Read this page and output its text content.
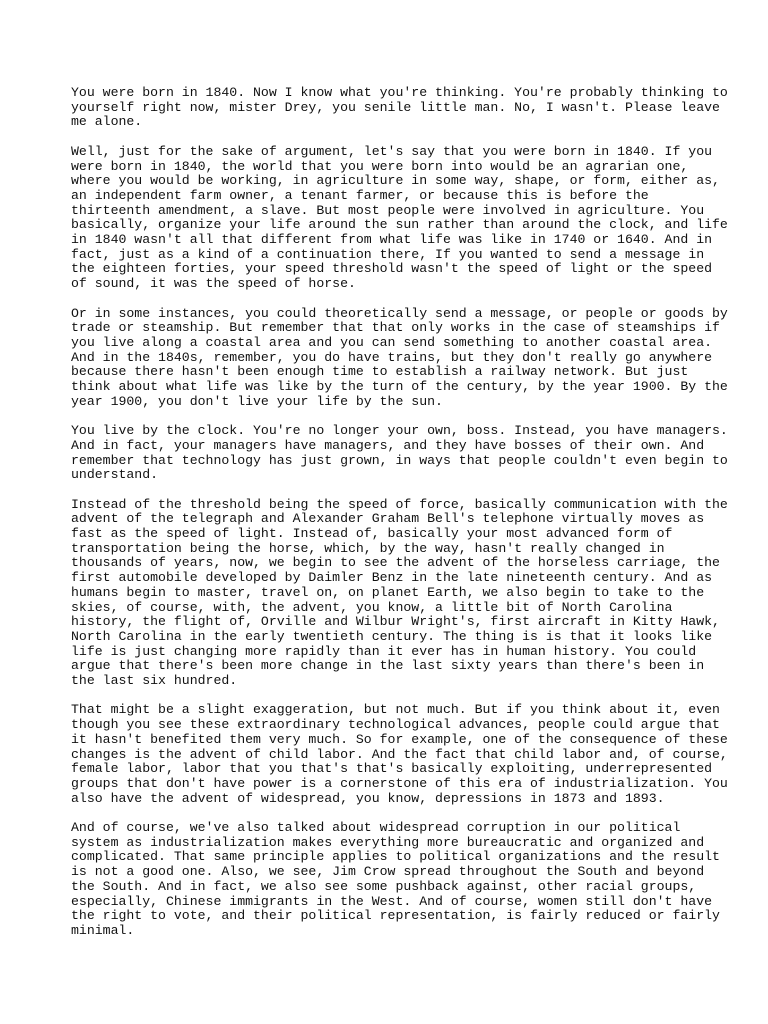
You were born in 1840. Now I know what you're thinking. You're probably thinking to
yourself right now, mister Drey, you senile little man. No, I wasn't. Please leave
me alone.

Well, just for the sake of argument, let's say that you were born in 1840. If you
were born in 1840, the world that you were born into would be an agrarian one,
where you would be working, in agriculture in some way, shape, or form, either as,
an independent farm owner, a tenant farmer, or because this is before the
thirteenth amendment, a slave. But most people were involved in agriculture. You
basically, organize your life around the sun rather than around the clock, and life
in 1840 wasn't all that different from what life was like in 1740 or 1640. And in
fact, just as a kind of a continuation there, If you wanted to send a message in
the eighteen forties, your speed threshold wasn't the speed of light or the speed
of sound, it was the speed of horse.

Or in some instances, you could theoretically send a message, or people or goods by
trade or steamship. But remember that that only works in the case of steamships if
you live along a coastal area and you can send something to another coastal area.
And in the 1840s, remember, you do have trains, but they don't really go anywhere
because there hasn't been enough time to establish a railway network. But just
think about what life was like by the turn of the century, by the year 1900. By the
year 1900, you don't live your life by the sun.

You live by the clock. You're no longer your own, boss. Instead, you have managers.
And in fact, your managers have managers, and they have bosses of their own. And
remember that technology has just grown, in ways that people couldn't even begin to
understand.

Instead of the threshold being the speed of force, basically communication with the
advent of the telegraph and Alexander Graham Bell's telephone virtually moves as
fast as the speed of light. Instead of, basically your most advanced form of
transportation being the horse, which, by the way, hasn't really changed in
thousands of years, now, we begin to see the advent of the horseless carriage, the
first automobile developed by Daimler Benz in the late nineteenth century. And as
humans begin to master, travel on, on planet Earth, we also begin to take to the
skies, of course, with, the advent, you know, a little bit of North Carolina
history, the flight of, Orville and Wilbur Wright's, first aircraft in Kitty Hawk,
North Carolina in the early twentieth century. The thing is is that it looks like
life is just changing more rapidly than it ever has in human history. You could
argue that there's been more change in the last sixty years than there's been in
the last six hundred.

That might be a slight exaggeration, but not much. But if you think about it, even
though you see these extraordinary technological advances, people could argue that
it hasn't benefited them very much. So for example, one of the consequence of these
changes is the advent of child labor. And the fact that child labor and, of course,
female labor, labor that you that's that's basically exploiting, underrepresented
groups that don't have power is a cornerstone of this era of industrialization. You
also have the advent of widespread, you know, depressions in 1873 and 1893.

And of course, we've also talked about widespread corruption in our political
system as industrialization makes everything more bureaucratic and organized and
complicated. That same principle applies to political organizations and the result
is not a good one. Also, we see, Jim Crow spread throughout the South and beyond
the South. And in fact, we also see some pushback against, other racial groups,
especially, Chinese immigrants in the West. And of course, women still don't have
the right to vote, and their political representation, is fairly reduced or fairly
minimal.
